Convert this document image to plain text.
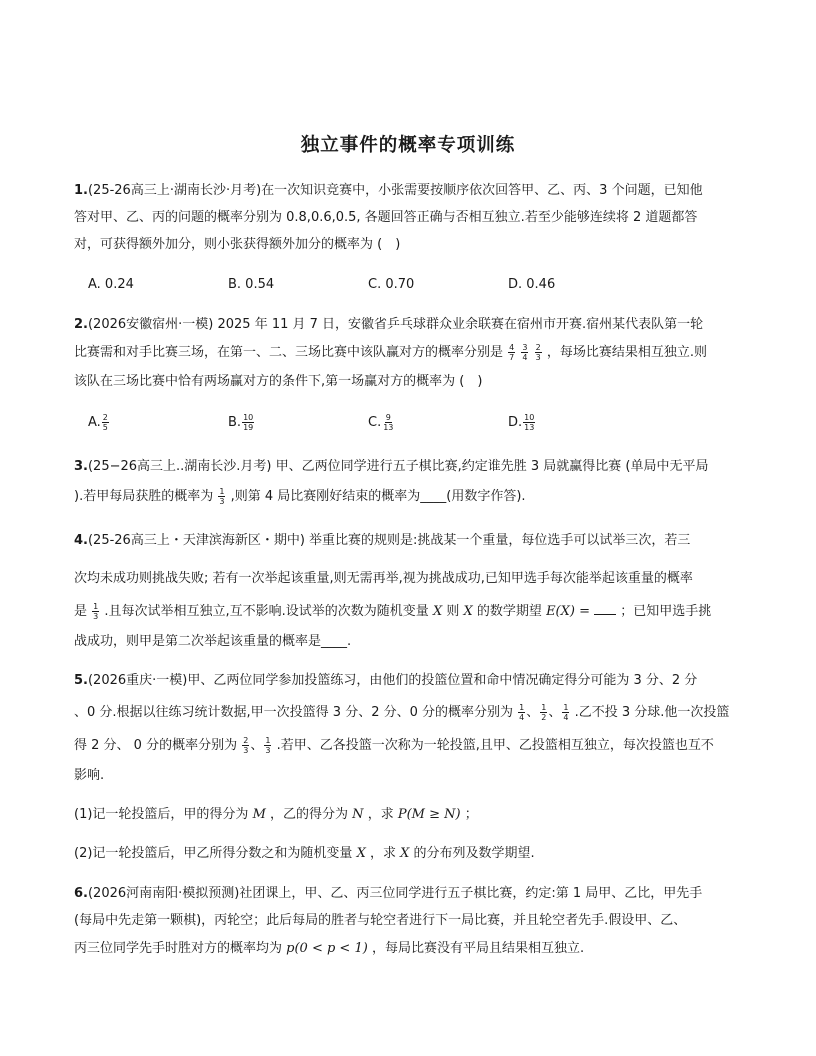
独立事件的概率专项训练
1.(25-26高三上·湖南长沙·月考)在一次知识竞赛中，小张需要按顺序依次回答甲、乙、丙、3 个问题，已知他
答对甲、乙、丙的问题的概率分别为 0.8,0.6,0.5, 各题回答正确与否相互独立.若至少能够连续将 2 道题都答
对，可获得额外加分，则小张获得额外加分的概率为 (　)
A. 0.24	B. 0.54	C. 0.70	D. 0.46
2.(2026安徽宿州·一模) 2025 年 11 月 7 日，安徽省乒乓球群众业余联赛在宿州市开赛.宿州某代表队第一轮
比赛需和对手比赛三场，在第一、二、三场比赛中该队赢对方的概率分别是 $\frac{4}{7}$
$\frac{3}{4}$
$\frac{2}{3}$ ，每场比赛结果相互独立.则
该队在三场比赛中恰有两场赢对方的条件下,第一场赢对方的概率为 (　)
A. $\frac{2}{5}$	B. $\frac{10}{19}$	C. $\frac{9}{13}$	D. $\frac{10}{13}$
3.(25−26高三上..湖南长沙.月考) 甲、乙两位同学进行五子棋比赛,约定谁先胜 3 局就赢得比赛 (单局中无平局
).若甲每局获胜的概率为 $\frac{1}{3}$ ,则第 4 局比赛刚好结束的概率为____(用数字作答).
4.(25-26高三上・天津滨海新区・期中) 举重比赛的规则是:挑战某一个重量，每位选手可以试举三次，若三
次均未成功则挑战失败; 若有一次举起该重量,则无需再举,视为挑战成功,已知甲选手每次能举起该重量的概率
是 $\frac{1}{3}$ .且每次试举相互独立,互不影响.设试举的次数为随机变量 X 则 X 的数学期望 E(X) = ；已知甲选手挑
战成功，则甲是第二次举起该重量的概率是____.
5.(2026重庆·一模)甲、乙两位同学参加投篮练习，由他们的投篮位置和命中情况确定得分可能为 3 分、2 分
、0 分.根据以往练习统计数据,甲一次投篮得 3 分、2 分、0 分的概率分别为 $\frac{1}{4}$ 、 $\frac{1}{2}$ 、 $\frac{1}{4}$ .乙不投 3 分球.他一次投篮
得 2 分、 0 分的概率分别为 $\frac{2}{3}$ 、 $\frac{1}{3}$ .若甲、乙各投篮一次称为一轮投篮,且甲、乙投篮相互独立，每次投篮也互不
影响.
(1)记一轮投篮后，甲的得分为 M ，乙的得分为 N ，求 P(M ≥ N) ；
(2)记一轮投篮后，甲乙所得分数之和为随机变量 X ，求 X 的分布列及数学期望.
6.(2026河南南阳·模拟预测)社团课上，甲、乙、丙三位同学进行五子棋比赛，约定:第 1 局甲、乙比，甲先手
(每局中先走第一颗棋)，丙轮空；此后每局的胜者与轮空者进行下一局比赛，并且轮空者先手.假设甲、乙、
丙三位同学先手时胜对方的概率均为 p(0 < p < 1) ，每局比赛没有平局且结果相互独立.
